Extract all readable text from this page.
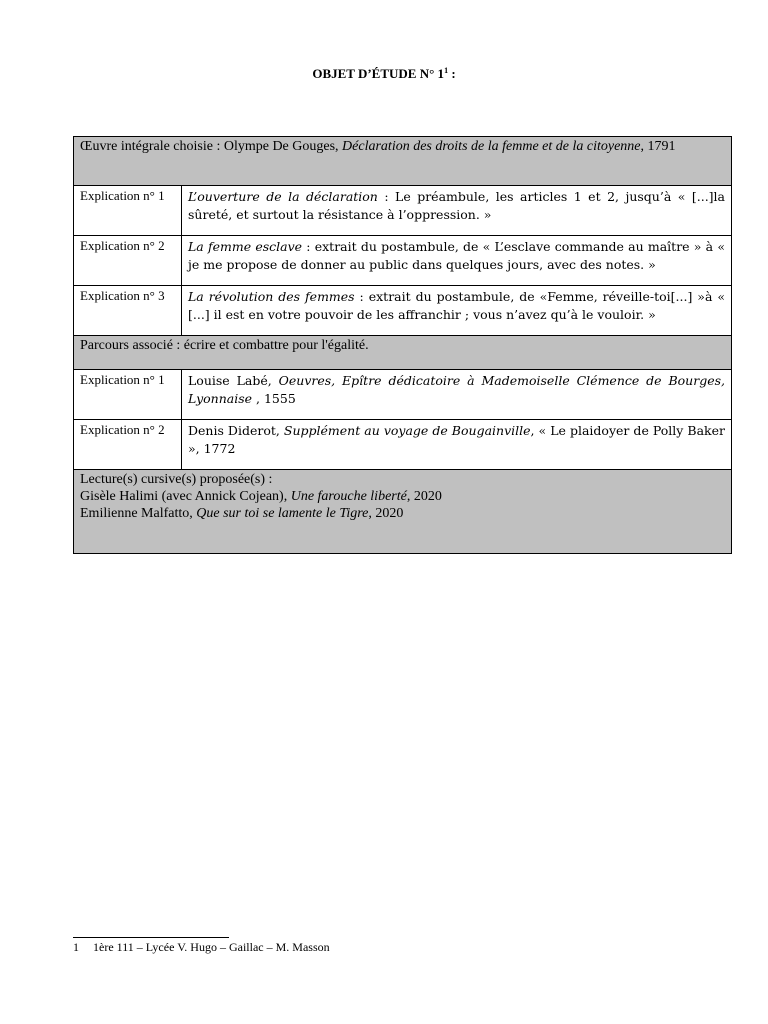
OBJET D’ÉTUDE N° $1^1$ :
Œuvre intégrale choisie : Olympe De Gouges, Déclaration des droits de la femme et de la citoyenne, 1791	
Explication n° 1	L’ouverture de la déclaration : Le préambule, les articles 1 et 2, jusqu’à « [...]la sûreté, et surtout la résistance à l’oppression. »
Explication n° 2	La femme esclave : extrait du postambule, de « L’esclave commande au maître » à « je me propose de donner au public dans quelques jours, avec des notes. »
Explication n° 3	La révolution des femmes : extrait du postambule, de «Femme, réveille-toi[...] »à « [...] il est en votre pouvoir de les affranchir ; vous n’avez qu’à le vouloir. »
Parcours associé : écrire et combattre pour l'égalité.	
Explication n° 1	Louise Labé, Oeuvres, Epître dédicatoire à Mademoiselle Clémence de Bourges, Lyonnaise , 1555
Explication n° 2	Denis Diderot, Supplément au voyage de Bougainville, « Le plaidoyer de Polly Baker », 1772

Lecture(s) cursive(s) proposée(s) :
Gisèle Halimi (avec Annick Cojean), Une farouche liberté, 2020
Emilienne Malfatto, Que sur toi se lamente le Tigre, 2020	
1 1ère 111 – Lycée V. Hugo – Gaillac – M. Masson
